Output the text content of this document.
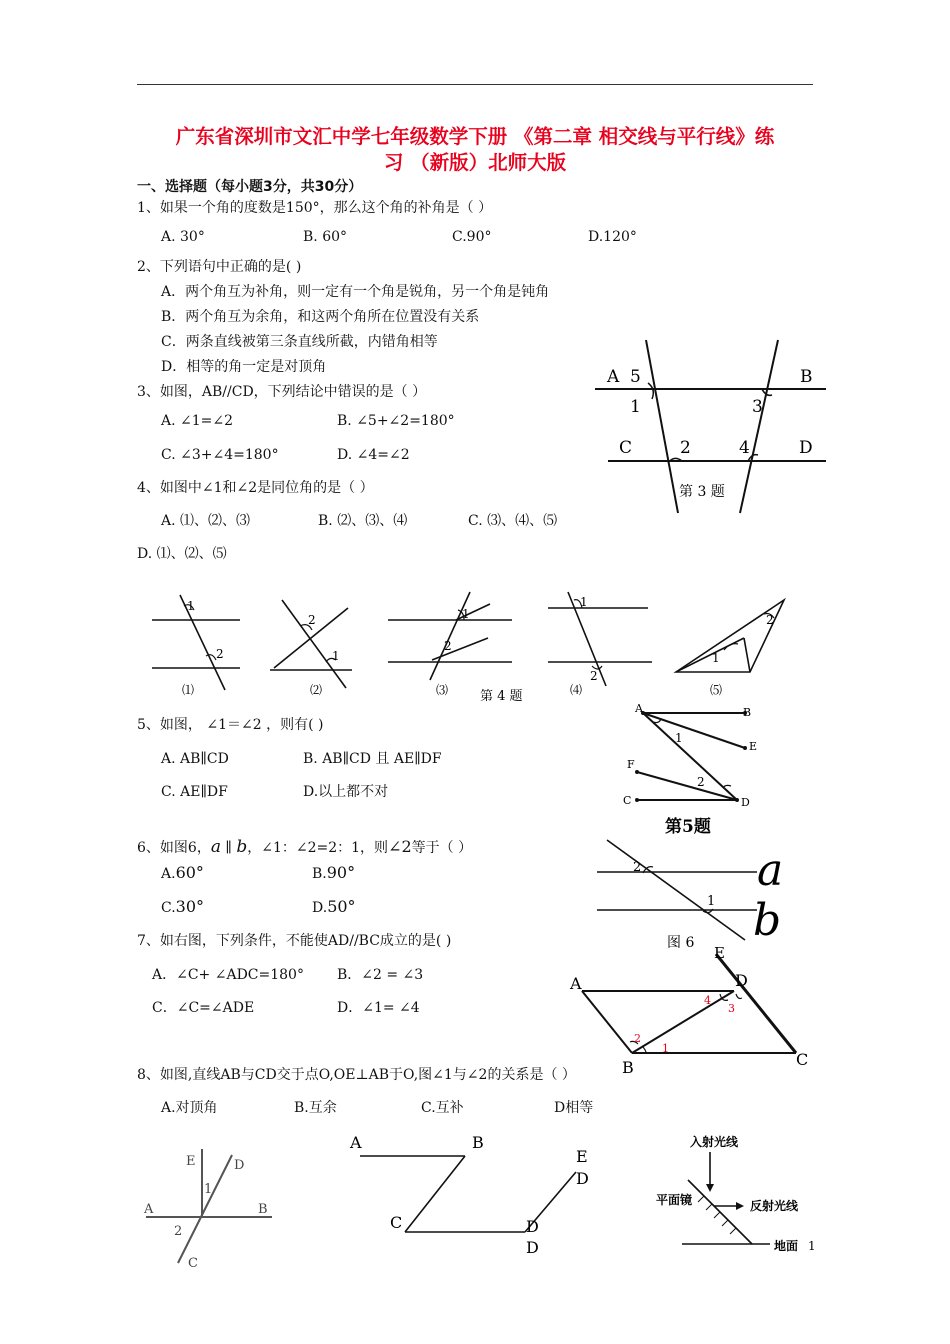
广东省深圳市文汇中学七年级数学下册 《第二章 相交线与平行线》练
习 （新版）北师大版
一、选择题（每小题3分，共30分）
1、如果一个角的度数是150°，那么这个角的补角是（ ）
A. 30°	B. 60°	C.90°	D.120°
2、下列语句中正确的是( )
A．两个角互为补角，则一定有一个角是锐角，另一个角是钝角
B．两个角互为余角，和这两个角所在位置没有关系
C．两条直线被第三条直线所截，内错角相等
D．相等的角一定是对顶角
3、如图，AB//CD，下列结论中错误的是（ ）
A. ∠1=∠2	B. ∠5+∠2=180°
C. ∠3+∠4=180°	D. ∠4=∠2
A 5	B
1	3
C	2	4	D
第 3 题
4、如图中∠1和∠2是同位角的是（ ）
A. ⑴、⑵、⑶	B. ⑵、⑶、⑷	C. ⑶、⑷、⑸
D. ⑴、⑵、⑸
1
2
⑴
2
1
⑵
1
2
⑶ 第 4 题
1
2
⑷
1
2
⑸
5、如图， ∠1＝∠2 ，则有( )
A. AB∥CD	B. AB∥CD 且 AE∥DF
C. AE∥DF	D.以上都不对
A	B
E
F
C	D
1
2
第5题
6、如图6，a ∥ b，∠1：∠2=2：1，则∠2等于（ ）
A.60°	B.90°
C.30°	D.50°
2
1
a
b
图 6
7、如右图，下列条件，不能使AD//BC成立的是( )
A．∠C+ ∠ADC=180° B．∠2 = ∠3
C．∠C=∠ADE	D．∠1= ∠4
E
D
A
B	C
1
2
3
4
8、如图,直线AB与CD交于点O,OE⊥AB于O,图∠1与∠2的关系是（ ）
A.对顶角	B.互余	C.互补	D相等
E	D
A	B
C
1
2
A	B
C
E
D
D
D
入射光线
平面镜	反射光线
地面 1
